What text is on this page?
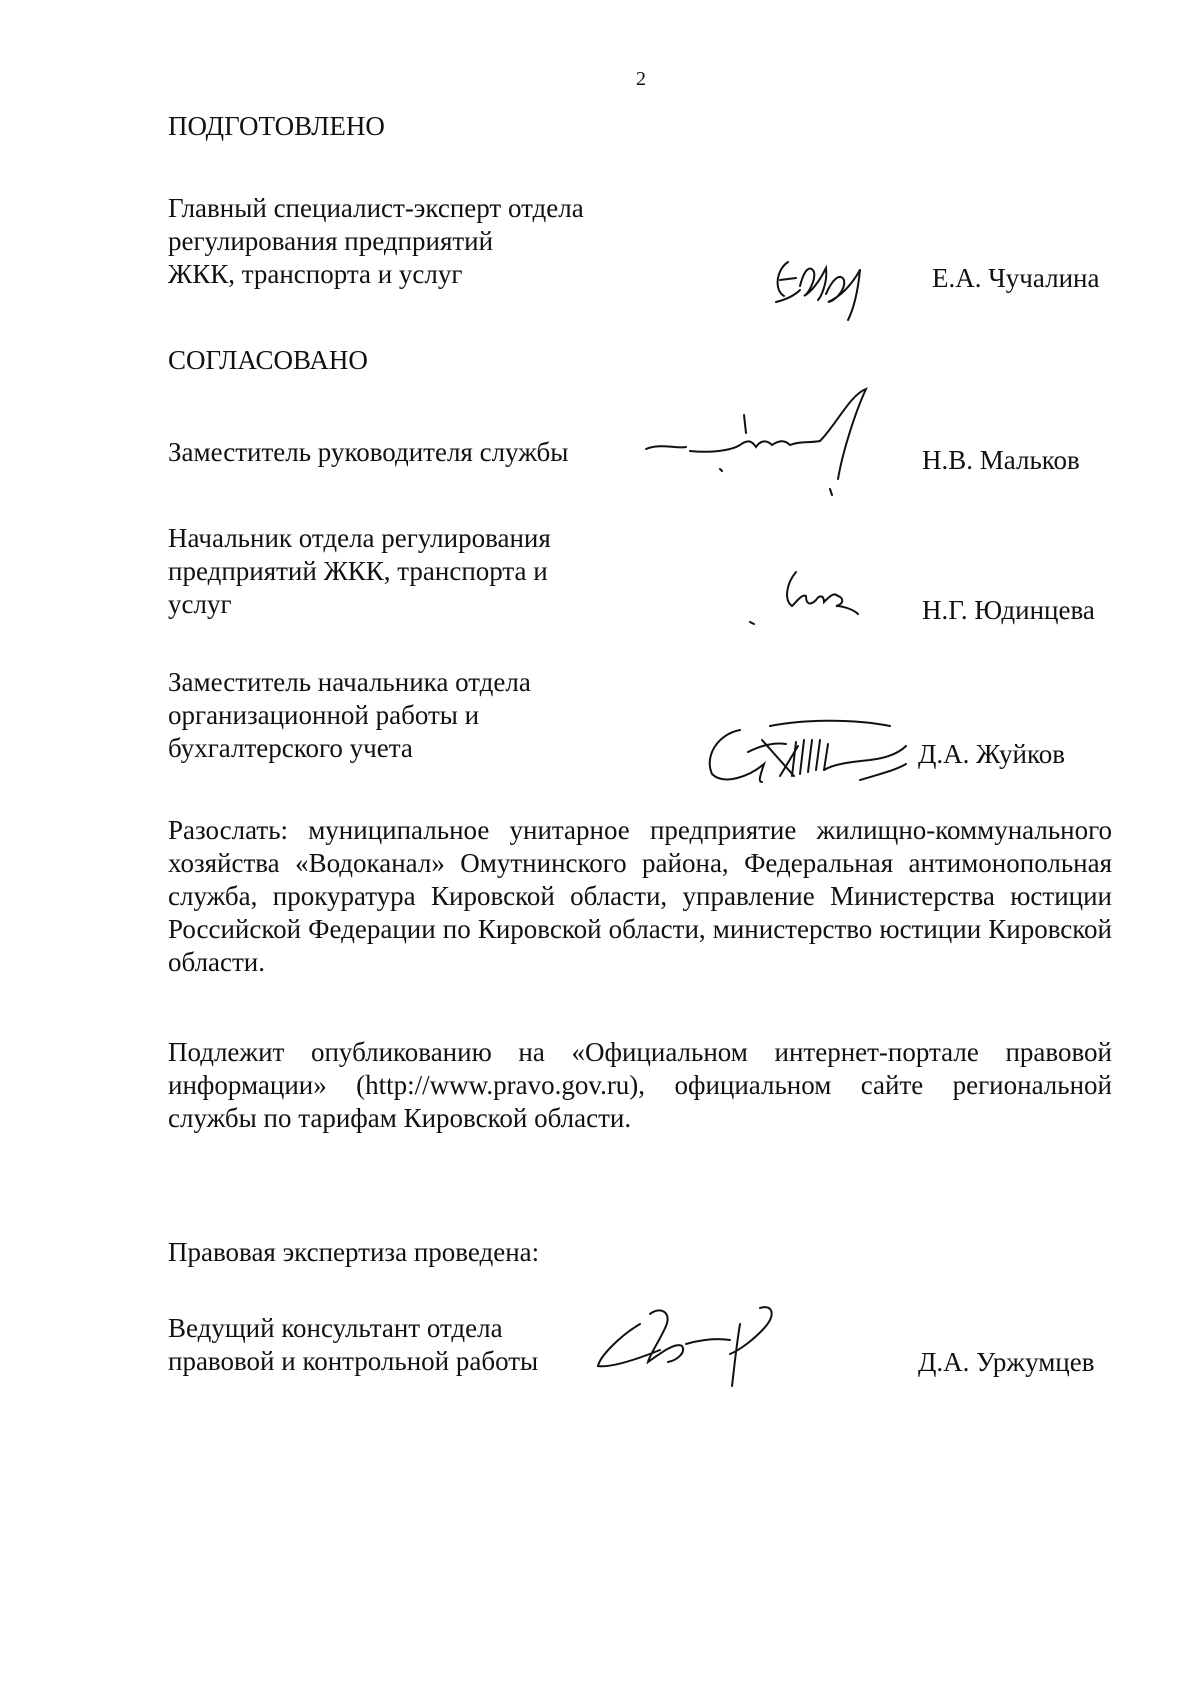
2
ПОДГОТОВЛЕНО
Главный специалист-эксперт отдела
регулирования предприятий
ЖКК, транспорта и услуг	Е.А. Чучалина
СОГЛАСОВАНО
Заместитель руководителя службы	Н.В. Мальков
Начальник отдела регулирования
предприятий ЖКК, транспорта и
услуг	Н.Г. Юдинцева
Заместитель начальника отдела
организационной работы и
бухгалтерского учета	Д.А. Жуйков

Разослать: муниципальное унитарное предприятие жилищно-коммунального хозяйства «Водоканал» Омутнинского района, Федеральная антимонопольная служба, прокуратура Кировской области, управление Министерства юстиции Российской Федерации по Кировской области, министерство юстиции Кировской области.

Подлежит опубликованию на «Официальном интернет-портале правовой информации» (http://www.pravo.gov.ru), официальном сайте региональной службы по тарифам Кировской области.

Правовая экспертиза проведена:
Ведущий консультант отдела
правовой и контрольной работы	Д.А. Уржумцев
